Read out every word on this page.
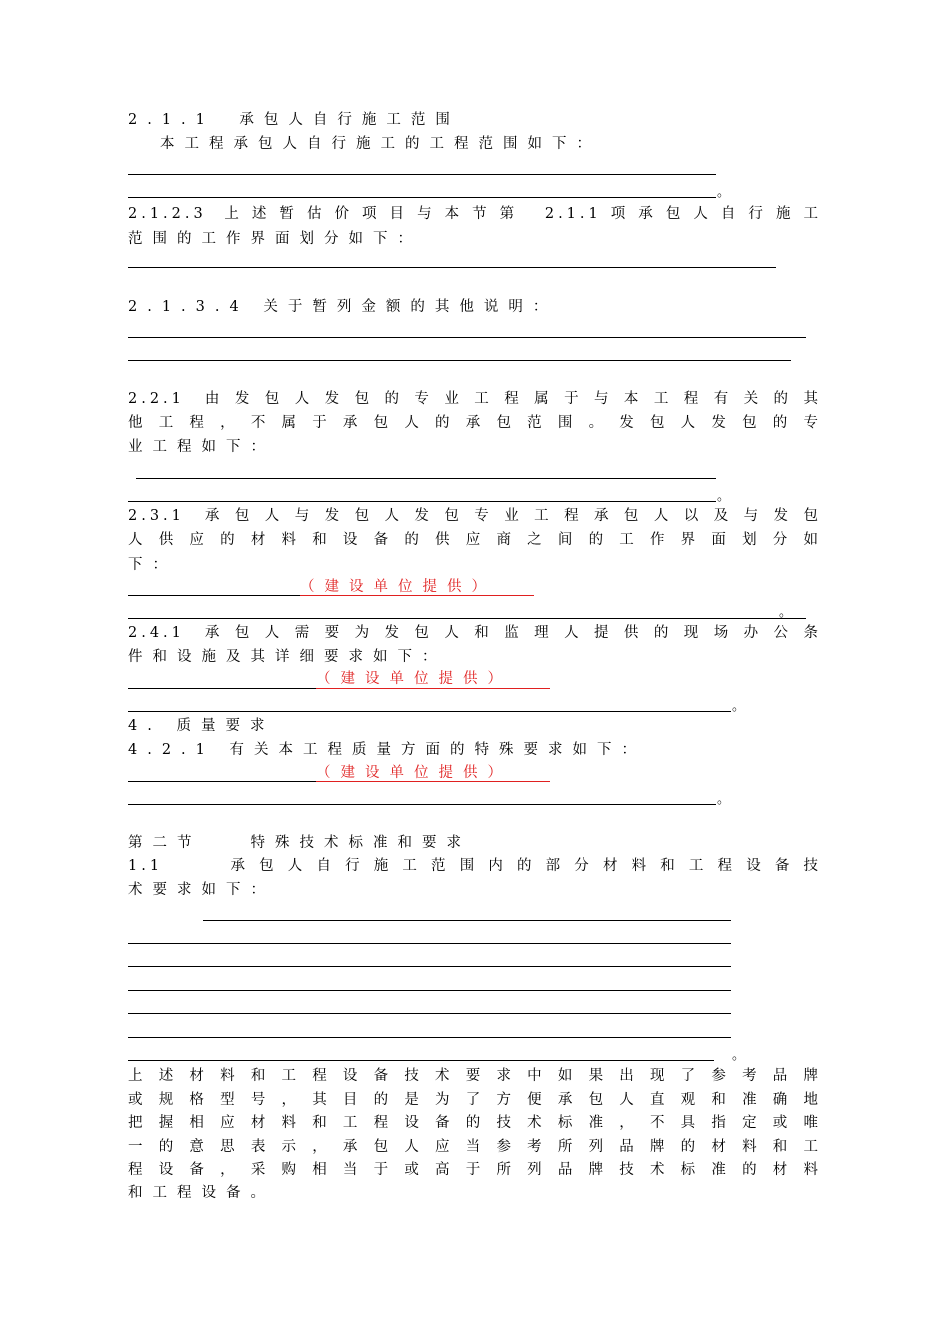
2.1.1　承包人自行施工范围
本工程承包人自行施工的工程范围如下：
。
2.1.2.3 上述暂估价项目与本节第 2.1.1项承包人自行施工
范围的工作界面划分如下：
2.1.3.4 关于暂列金额的其他说明：
2.2.1 由发包人发包的专业工程属于与本工程有关的其
他工程，不属于承包人的承包范围。发包人发包的专
业工程如下：
。
2.3.1 承包人与发包人发包专业工程承包人以及与发包
人供应的材料和设备的供应商之间的工作界面划分如
下：
（建设单位提供）
。
2.4.1 承包人需要为发包人和监理人提供的现场办公条
件和设施及其详细要求如下：
（建设单位提供）
。
4. 质量要求
4.2.1 有关本工程质量方面的特殊要求如下：
（建设单位提供）
。
第二节　　特殊技术标准和要求
1.1　　承包人自行施工范围内的部分材料和工程设备技
术要求如下：
。
上述材料和工程设备技术要求中如果出现了参考品牌
或规格型号，其目的是为了方便承包人直观和准确地
把握相应材料和工程设备的技术标准，不具指定或唯
一的意思表示，承包人应当参考所列品牌的材料和工
程设备，采购相当于或高于所列品牌技术标准的材料
和工程设备。
